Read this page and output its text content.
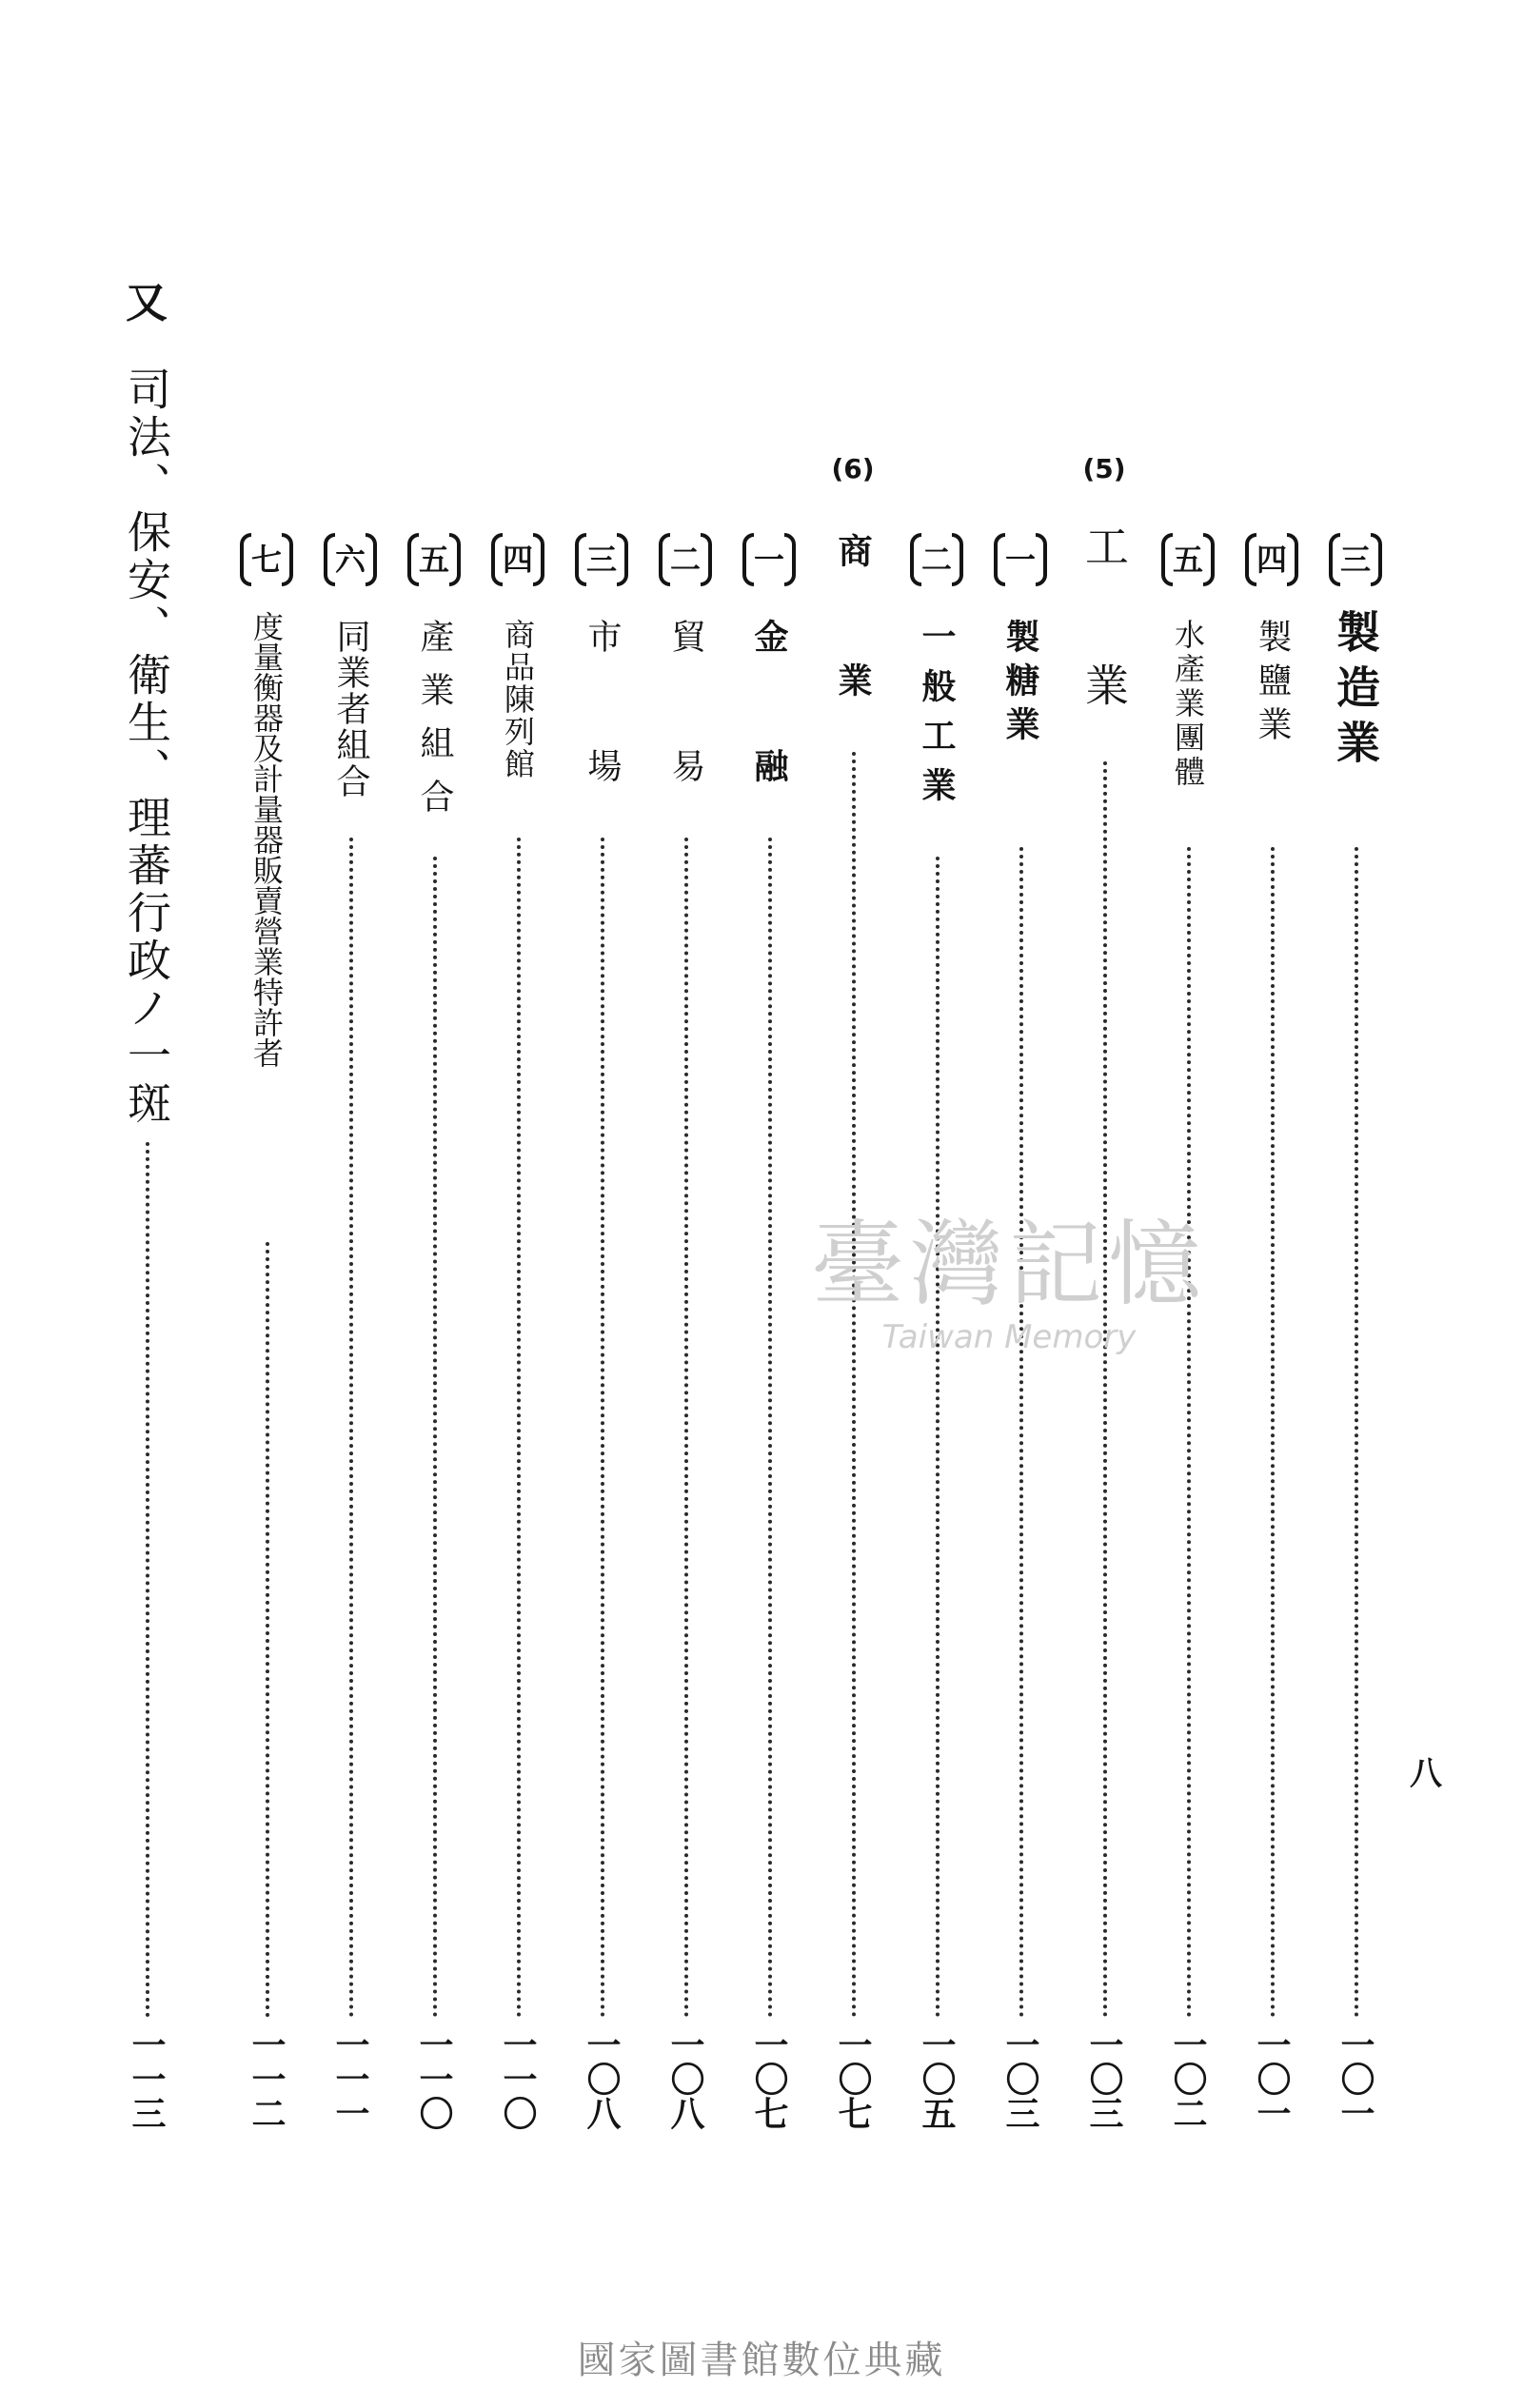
八
三

製造業

一〇一
四

製鹽業

一〇一
五

水產業團體

一〇二
(5)

工業

一〇三
一

製糖業

一〇三
二

一般工業

一〇五
(6)

商業

一〇七
一

金融

一〇七
二

貿易

一〇八
三

市場

一〇八
四

商品陳列館

一一〇
五

產業組合

一一〇
六

同業者組合

一一一
七

度量衡器及計量器販賣營業特許者

一一二
又

司法、保安、衛生、理蕃行政ノ一斑

一一三
臺灣記憶
Taiwan Memory
國家圖書館數位典藏
